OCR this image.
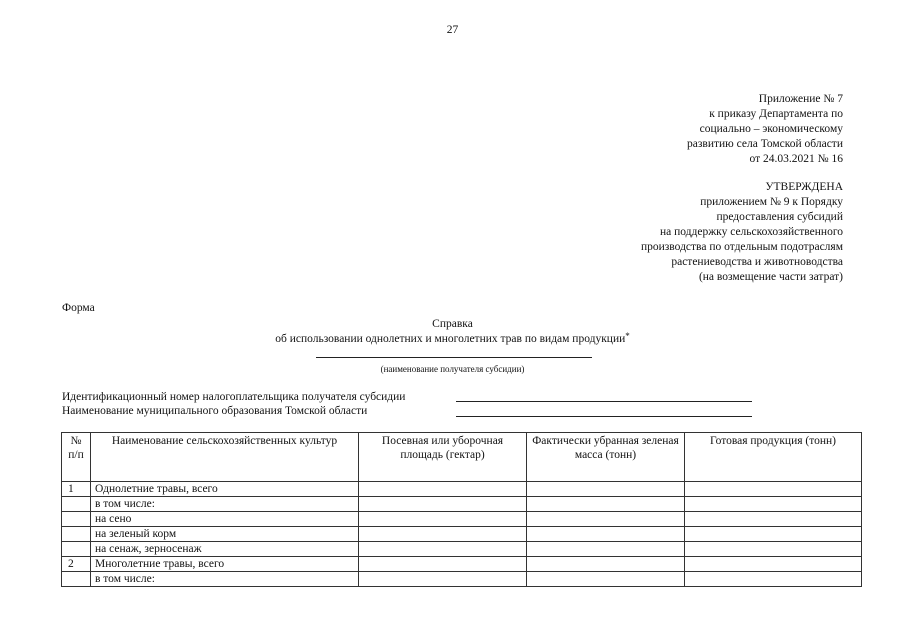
27
Приложение № 7
к приказу Департамента по
социально – экономическому
развитию села Томской области
от 24.03.2021 № 16
УТВЕРЖДЕНА
приложением № 9 к Порядку
предоставления субсидий
на поддержку сельскохозяйственного
производства по отдельным подотраслям
растениеводства и животноводства
(на возмещение части затрат)
Форма
Справка
об использовании однолетних и многолетних трав по видам продукции*
(наименование получателя субсидии)
Идентификационный номер налогоплательщика получателя субсидии
Наименование муниципального образования Томской области
№ п/п	Наименование сельскохозяйственных культур	Посевная или уборочная площадь (гектар)	Фактически убранная зеленая масса (тонн)	Готовая продукция (тонн)
1	Однолетние травы, всего			
	в том числе:			
	на сено			
	на зеленый корм			
	на сенаж, зерносенаж			
2	Многолетние травы, всего			
	в том числе:			
